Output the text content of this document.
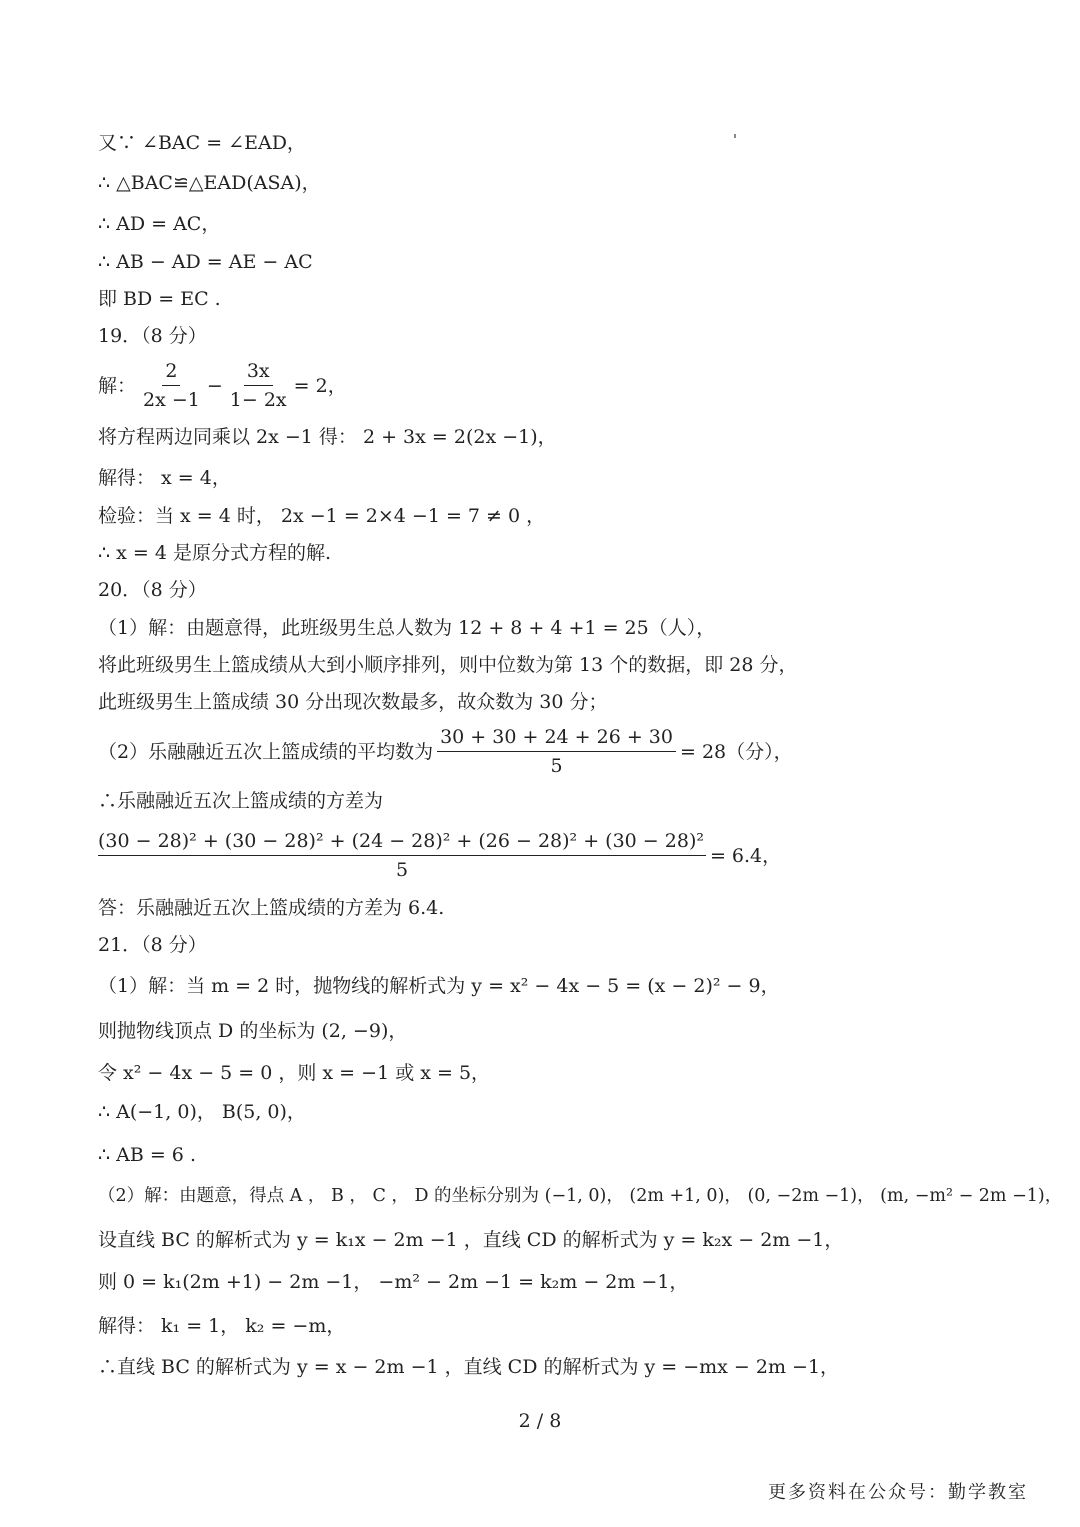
又∵ ∠BAC = ∠EAD，
∴ △BAC≌△EAD(ASA)，
∴ AD = AC，
∴ AB − AD = AE − AC
即 BD = EC .
19．（8 分）
解： $\frac{2}{2x -1} - \frac{3x}{1- 2x} = 2$，
将方程两边同乘以 2x −1 得： 2 + 3x = 2(2x −1)，
解得： x = 4，
检验：当 x = 4 时， 2x −1 = 2×4 −1 = 7 ≠ 0 ，
∴ x = 4 是原分式方程的解.
20．（8 分）
（1）解：由题意得，此班级男生总人数为 12 + 8 + 4 +1 = 25（人），
将此班级男生上篮成绩从大到小顺序排列，则中位数为第 13 个的数据，即 28 分，
此班级男生上篮成绩 30 分出现次数最多，故众数为 30 分；
（2）乐融融近五次上篮成绩的平均数为 $\frac{30 + 30 + 24 + 26 + 30}{5} = 28$（分），
∴乐融融近五次上篮成绩的方差为
(30 − 28)² + (30 − 28)² + (24 − 28)² + (26 − 28)² + (30 − 28)²
5
= 6.4，
答：乐融融近五次上篮成绩的方差为 6.4.
21．（8 分）
（1）解：当 m = 2 时，抛物线的解析式为 y = x² − 4x − 5 = (x − 2)² − 9，
则抛物线顶点 D 的坐标为 (2, −9)，
令 x² − 4x − 5 = 0 ，则 x = −1 或 x = 5，
∴ A(−1, 0)， B(5, 0)，
∴ AB = 6 .
（2）解：由题意，得点 A ， B ， C ， D 的坐标分别为 (−1, 0)， (2m +1, 0)， (0, −2m −1)， (m, −m² − 2m −1)，
设直线 BC 的解析式为 y = k₁x − 2m −1 ，直线 CD 的解析式为 y = k₂x − 2m −1，
则 0 = k₁(2m +1) − 2m −1， −m² − 2m −1 = k₂m − 2m −1，
解得： k₁ = 1， k₂ = −m，
∴直线 BC 的解析式为 y = x − 2m −1 ，直线 CD 的解析式为 y = −mx − 2m −1，
2 / 8
更多资料在公众号：勤学教室
